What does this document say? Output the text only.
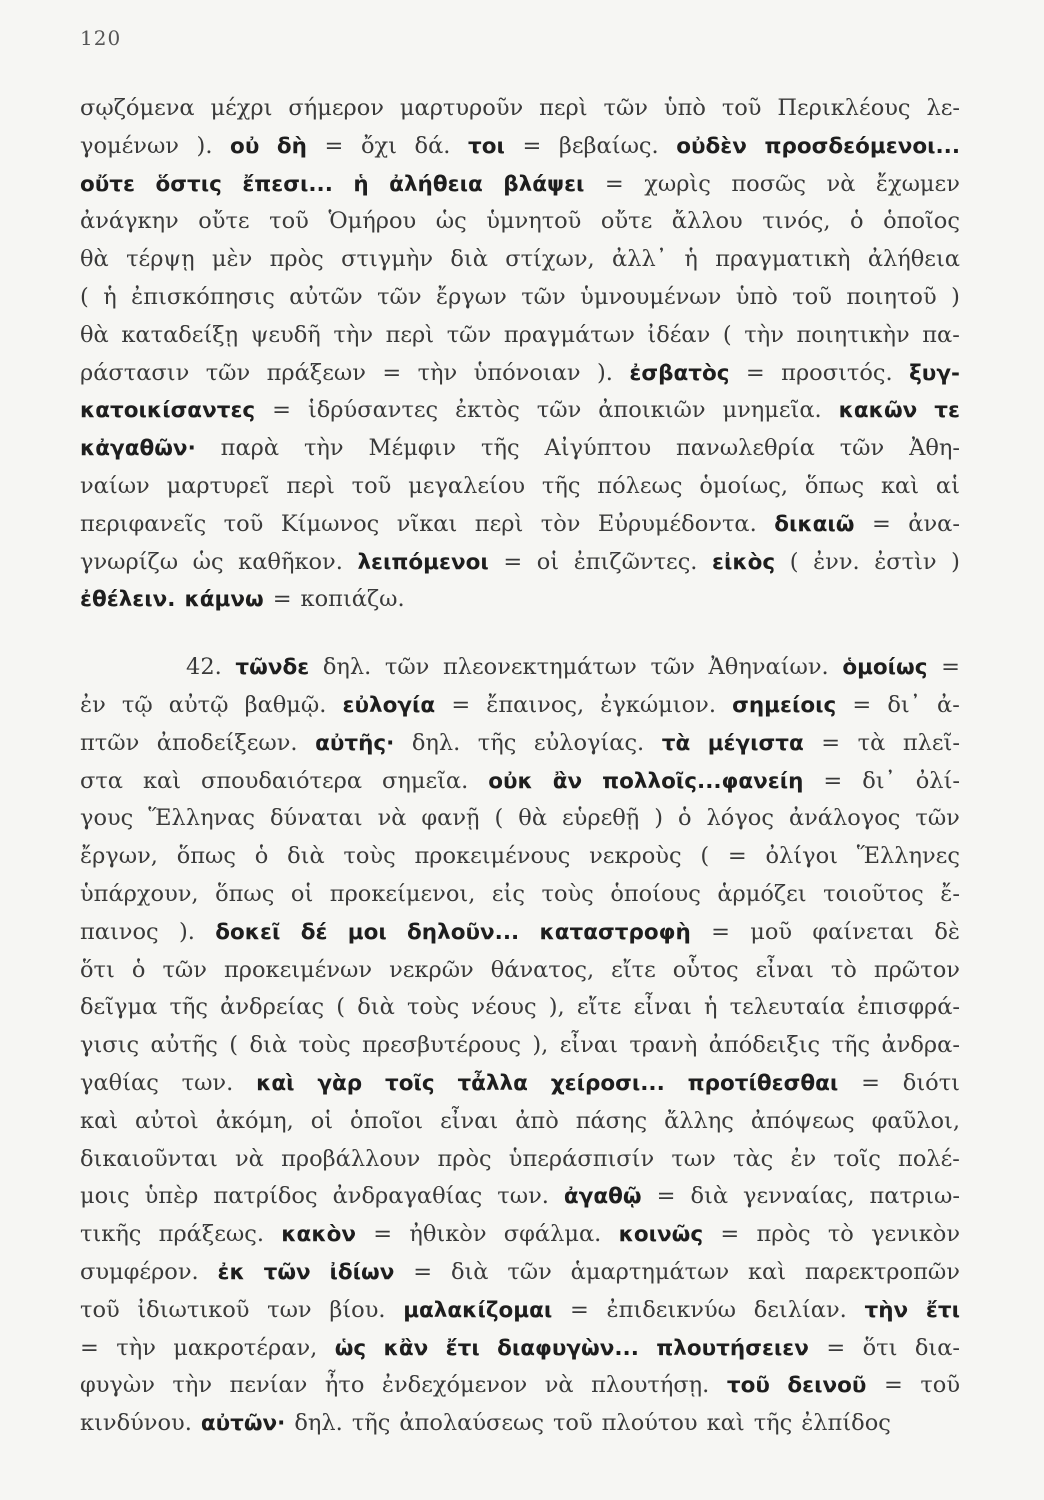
120
σῳζόμενα μέχρι σήμερον μαρτυροῦν περὶ τῶν ὑπὸ τοῦ Περικλέους λε-
γομένων ). οὐ δὴ = ὄχι δά. τοι = βεβαίως. οὐδὲν προσδεόμενοι...
οὔτε ὅστις ἔπεσι... ἡ ἀλήθεια βλάψει = χωρὶς ποσῶς νὰ ἔχωμεν
ἀνάγκην οὔτε τοῦ Ὁμήρου ὡς ὑμνητοῦ οὔτε ἄλλου τινός, ὁ ὁποῖος
θὰ τέρψῃ μὲν πρὸς στιγμὴν διὰ στίχων, ἀλλ᾿ ἡ πραγματικὴ ἀλήθεια
( ἡ ἐπισκόπησις αὐτῶν τῶν ἔργων τῶν ὑμνουμένων ὑπὸ τοῦ ποιητοῦ )
θὰ καταδείξῃ ψευδῆ τὴν περὶ τῶν πραγμάτων ἰδέαν ( τὴν ποιητικὴν πα-
ράστασιν τῶν πράξεων = τὴν ὑπόνοιαν ). ἐσβατὸς = προσιτός. ξυγ-
κατοικίσαντες = ἱδρύσαντες ἐκτὸς τῶν ἀποικιῶν μνημεῖα. κακῶν τε
κἀγαθῶν· παρὰ τὴν Μέμφιν τῆς Αἰγύπτου πανωλεθρία τῶν Ἀθη-
ναίων μαρτυρεῖ περὶ τοῦ μεγαλείου τῆς πόλεως ὁμοίως, ὅπως καὶ αἱ
περιφανεῖς τοῦ Κίμωνος νῖκαι περὶ τὸν Εὐρυμέδοντα. δικαιῶ = ἀνα-
γνωρίζω ὡς καθῆκον. λειπόμενοι = οἱ ἐπιζῶντες. εἰκὸς ( ἐνν. ἐστὶν )
ἐθέλειν. κάμνω = κοπιάζω.
42. τῶνδε δηλ. τῶν πλεονεκτημάτων τῶν Ἀθηναίων. ὁμοίως =
ἐν τῷ αὐτῷ βαθμῷ. εὐλογία = ἔπαινος, ἐγκώμιον. σημείοις = δι᾿ ἀ-
πτῶν ἀποδείξεων. αὐτῆς· δηλ. τῆς εὐλογίας. τὰ μέγιστα = τὰ πλεῖ-
στα καὶ σπουδαιότερα σημεῖα. οὐκ ἂν πολλοῖς...φανείη = δι᾿ ὀλί-
γους Ἕλληνας δύναται νὰ φανῇ ( θὰ εὑρεθῇ ) ὁ λόγος ἀνάλογος τῶν
ἔργων, ὅπως ὁ διὰ τοὺς προκειμένους νεκροὺς ( = ὀλίγοι Ἕλληνες
ὑπάρχουν, ὅπως οἱ προκείμενοι, εἰς τοὺς ὁποίους ἁρμόζει τοιοῦτος ἔ-
παινος ). δοκεῖ δέ μοι δηλοῦν... καταστροφὴ = μοῦ φαίνεται δὲ
ὅτι ὁ τῶν προκειμένων νεκρῶν θάνατος, εἴτε οὗτος εἶναι τὸ πρῶτον
δεῖγμα τῆς ἀνδρείας ( διὰ τοὺς νέους ), εἴτε εἶναι ἡ τελευταία ἐπισφρά-
γισις αὐτῆς ( διὰ τοὺς πρεσβυτέρους ), εἶναι τρανὴ ἀπόδειξις τῆς ἀνδρα-
γαθίας των. καὶ γὰρ τοῖς τἆλλα χείροσι... προτίθεσθαι = διότι
καὶ αὐτοὶ ἀκόμη, οἱ ὁποῖοι εἶναι ἀπὸ πάσης ἄλλης ἀπόψεως φαῦλοι,
δικαιοῦνται νὰ προβάλλουν πρὸς ὑπεράσπισίν των τὰς ἐν τοῖς πολέ-
μοις ὑπὲρ πατρίδος ἀνδραγαθίας των. ἀγαθῷ = διὰ γενναίας, πατριω-
τικῆς πράξεως. κακὸν = ἠθικὸν σφάλμα. κοινῶς = πρὸς τὸ γενικὸν
συμφέρον. ἐκ τῶν ἰδίων = διὰ τῶν ἁμαρτημάτων καὶ παρεκτροπῶν
τοῦ ἰδιωτικοῦ των βίου. μαλακίζομαι = ἐπιδεικνύω δειλίαν. τὴν ἔτι
= τὴν μακροτέραν, ὡς κἂν ἔτι διαφυγὼν... πλουτήσειεν = ὅτι δια-
φυγὼν τὴν πενίαν ἦτο ἐνδεχόμενον νὰ πλουτήσῃ. τοῦ δεινοῦ = τοῦ
κινδύνου. αὐτῶν· δηλ. τῆς ἀπολαύσεως τοῦ πλούτου καὶ τῆς ἐλπίδος
